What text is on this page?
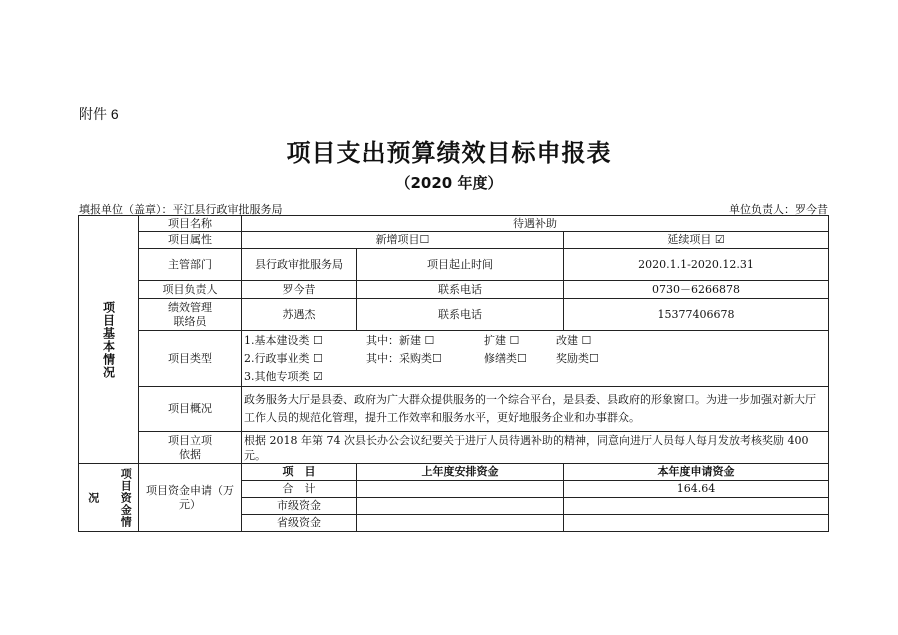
附件 6
项目支出预算绩效目标申报表
（2020 年度）
填报单位（盖章）：平江县行政审批服务局	单位负责人：罗今昔
项目基本情况	项目名称	待遇补助		
	项目属性	新增项目☐		延续项目 ☑
	主管部门	县行政审批服务局	项目起止时间	2020.1.1-2020.12.31
	项目负责人	罗今昔	联系电话	0730－6266878
	绩效管理
联络员	苏遇杰	联系电话	15377406678
	项目类型	1.基本建设类 ☐ 其中：新建 ☐ 扩建 ☐ 改建 ☐
2.行政事业类 ☐ 其中：采购类☐ 修缮类☐ 奖励类☐
3.其他专项类 ☑		

	项目概况	政务服务大厅是县委、政府为广大群众提供服务的一个综合平台，是县委、县政府的形象窗口。为进一步加强对新大厅工作人员的规范化管理，提升工作效率和服务水平，更好地服务企业和办事群众。		
	项目立项
依据	根据 2018 年第 74 次县长办公会议纪要关于进厅人员待遇补助的精神，同意向进厅人员每人每月发放考核奖励 400 元。		

况 项目资金情	项目资金申请（万元）	项　目	上年度安排资金	本年度申请资金
		合　计		164.64
		市级资金		
		省级资金		
